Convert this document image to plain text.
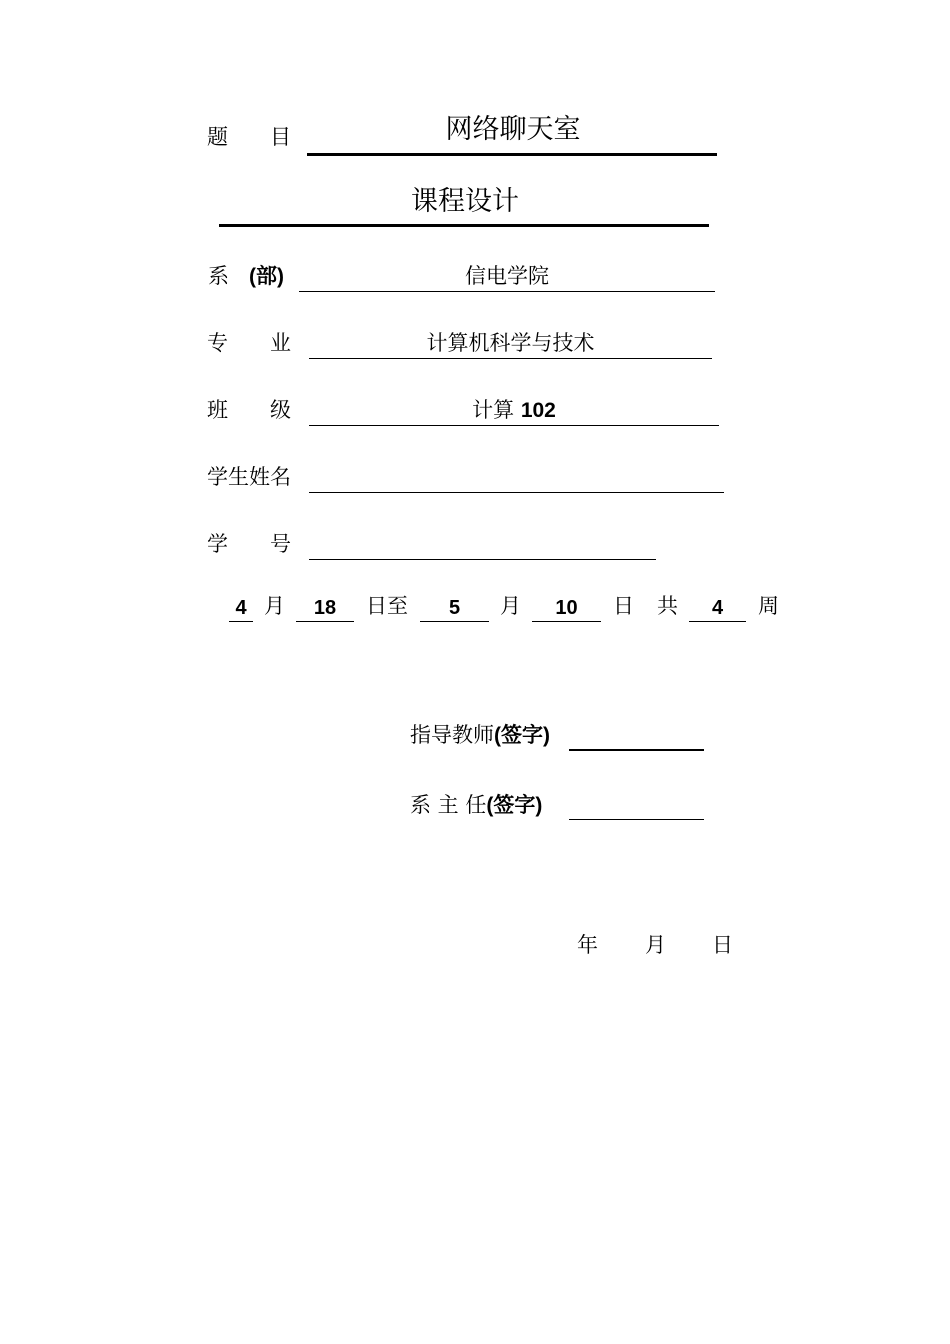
题　　目	网络聊天室
课程设计
系 (部)	信电学院
专　　业	计算机科学与技术
班　　级	计算 102
学生姓名
学　　号
4 月	18	日至	5	月	10	日 共	4	周
指导教师(签字)
系 主 任(签字)
年 月 日
